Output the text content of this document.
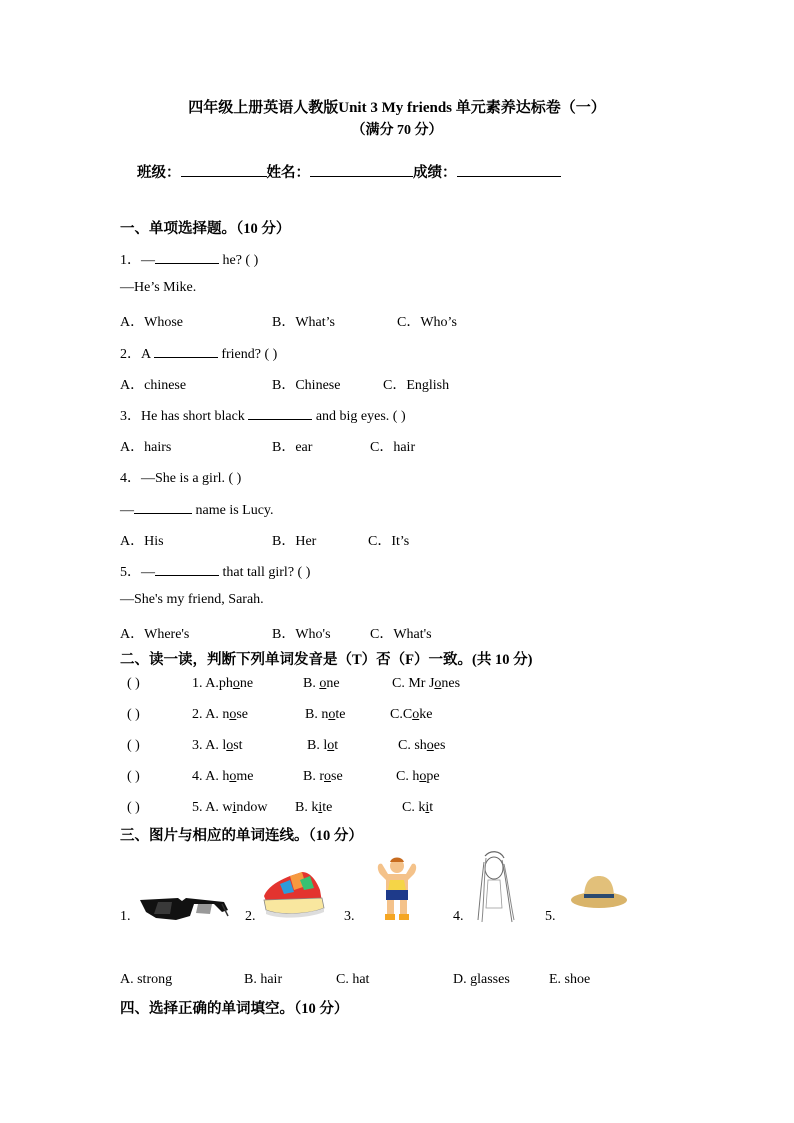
四年级上册英语人教版Unit 3 My friends 单元素养达标卷（一）
（满分 70 分）
班级：	姓名：	成绩：
一、单项选择题。（10 分）
1．—	he? ( )
—He’s Mike.
A．Whose	B．What’s	C．Who’s
2．A	friend? ( )
A．chinese	B．Chinese	C．English
3．He has short black	and big eyes. ( )
A．hairs	B．ear	C．hair
4．—She is a girl. ( )
—	name is Lucy.
A．His	B．Her	C．It’s
5．—	that tall girl? ( )
—She's my friend, Sarah.
A．Where's	B．Who's	C．What's
二、读一读，判断下列单词发音是（T）否（F）一致。(共 10 分)
( )	1. A.phone	B. one	C. Mr Jones
( )	2. A. nose	B. note	C.Coke
( )	3. A. lost	B. lot	C. shoes
( )	4. A. home	B. rose	C. hope
( )	5. A. window B. kite	C. kit
三、图片与相应的单词连线。（10 分）
1.	2.	3.	4.	5.
A. strong	B. hair	C. hat	D. glasses	E. shoe
四、选择正确的单词填空。（10 分）
